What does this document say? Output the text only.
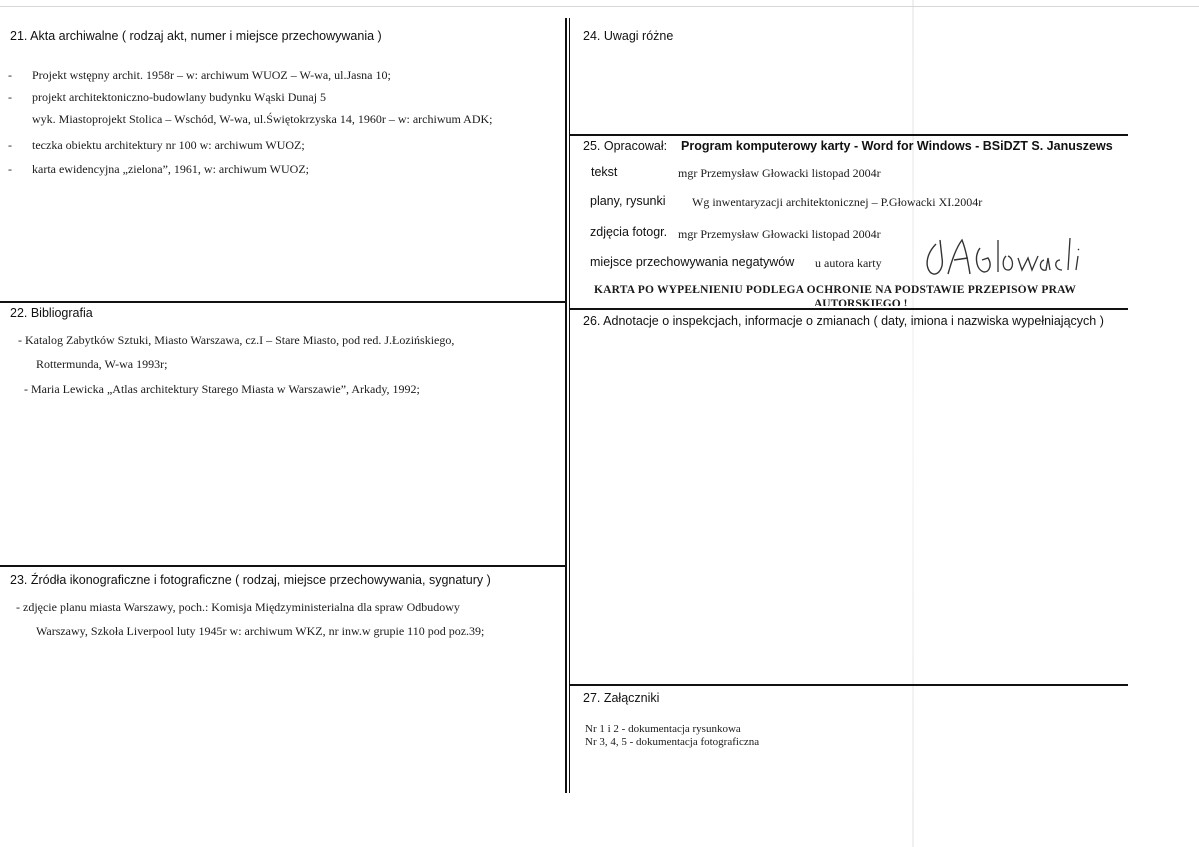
21. Akta archiwalne ( rodzaj akt, numer i miejsce przechowywania )
- Projekt wstępny archit. 1958r – w: archiwum WUOZ – W-wa, ul.Jasna 10;
- projekt architektoniczno-budowlany budynku Wąski Dunaj 5
wyk. Miastoprojekt Stolica – Wschód, W-wa, ul.Świętokrzyska 14, 1960r – w: archiwum ADK;
- teczka obiektu architektury nr 100 w: archiwum WUOZ;
- karta ewidencyjna „zielona”, 1961, w: archiwum WUOZ;
22. Bibliografia
- Katalog Zabytków Sztuki, Miasto Warszawa, cz.I – Stare Miasto, pod red. J.Łozińskiego,
Rottermunda, W-wa 1993r;
- Maria Lewicka „Atlas architektury Starego Miasta w Warszawie”, Arkady, 1992;
23. Źródła ikonograficzne i fotograficzne ( rodzaj, miejsce przechowywania, sygnatury )
- zdjęcie planu miasta Warszawy, poch.: Komisja Międzyministerialna dla spraw Odbudowy
Warszawy, Szkoła Liverpool luty 1945r w: archiwum WKZ, nr inw.w grupie 110 pod poz.39;
24. Uwagi różne
25. Opracował: Program komputerowy karty - Word for Windows - BSiDZT S. Januszews
tekst	mgr Przemysław Głowacki listopad 2004r
plany, rysunki Wg inwentaryzacji architektonicznej – P.Głowacki XI.2004r
zdjęcia fotogr. mgr Przemysław Głowacki listopad 2004r
miejsce przechowywania negatywów u autora karty
KARTA PO WYPEŁNIENIU PODLEGA OCHRONIE NA PODSTAWIE PRZEPISÓW PRAW
AUTORSKIEGO !
26. Adnotacje o inspekcjach, informacje o zmianach ( daty, imiona i nazwiska wypełniających )
27. Załączniki
Nr 1 i 2 - dokumentacja rysunkowa
Nr 3, 4, 5 - dokumentacja fotograficzna
